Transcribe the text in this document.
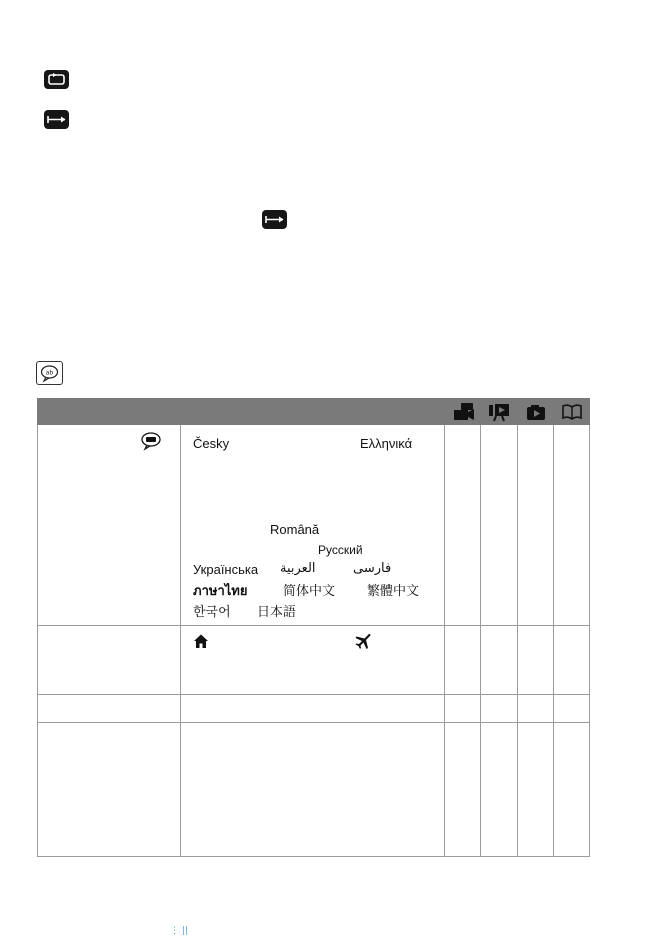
ab
Česky	Ελληνικά
Română
Русский
Українська العربية	فارسی
ภาษาไทย	简体中文 繁體中文
한국어 日本語
⋮ ||
